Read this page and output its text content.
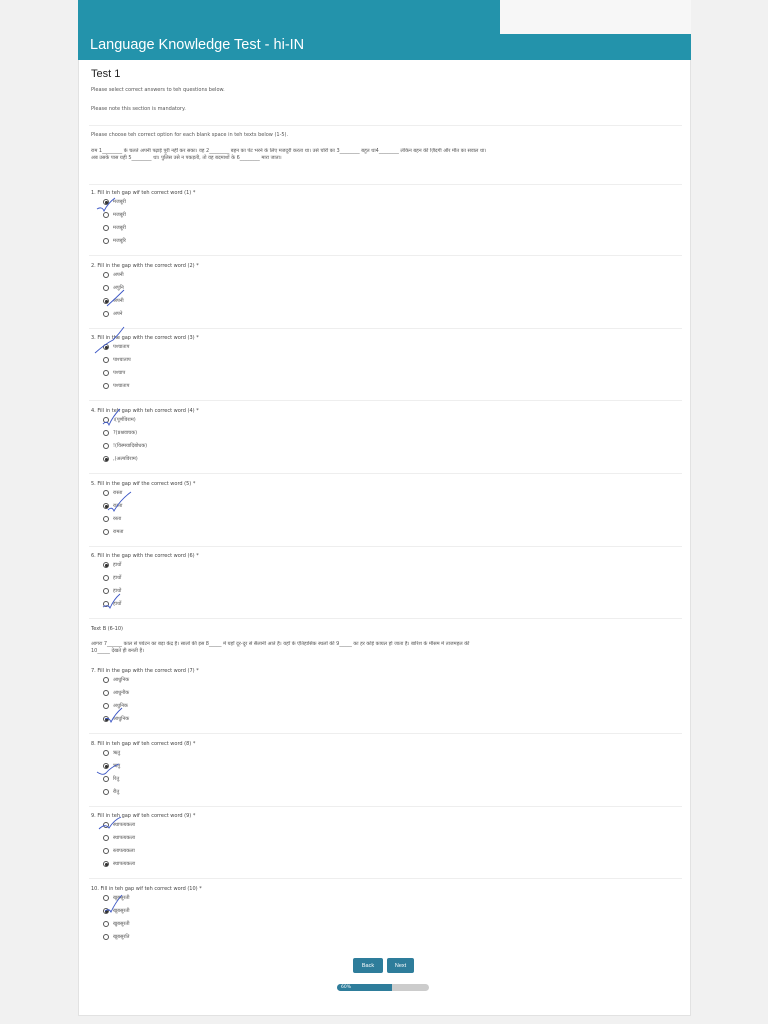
Language Knowledge Test - hi-IN
Test 1
Please select correct answers to teh questions below.
Please note this section is mandatory.
Please choose teh correct option for each blank space in teh texts below (1-5).
राम 1________ के चलते अपनी पढ़ाई पूरी नहीं कर सका। वह 2________ बहन का पेट भरने के लिए मजदूरी करता था। उसे चोरी का 3________ बहुत था4________ लेकिन बहन की ज़िंदगी और मौत का सवाल था।
अब उसके पास यही 5________ था। पुलिस उसे न पकड़ती, तो वह बदमाशों के 6________ मारा जाता।
1. Fill in teh gap wif teh correct word (1) *
मजबूरी
मजबूरी
मजबूरी
मजबूरि
2. Fill in the gap with the correct word (2) *
अपनी
अपुनि
अपनी
अपने
3. Fill in the gap with the correct word (3) *
पश्चाताप
पाश्चाताप
पश्चाप
पश्चाताप
4. Fill in teh gap with teh correct word (4) *
।(पूर्णविराम)
?(प्रश्नवाचक)
!(विस्मयादिबोधक)
,(अल्पविराम)
5. Fill in the gap wif the correct word (5) *
रास्ता
रास्ता
रस्ता
रामता
6. Fill in the gap with the correct word (6) *
हाथों
हाथों
हाथो
हाथों
7. Fill in the gap with the correct word (7) *
आधुनिक
आधुनीक
अधुनिक
आधुनिक
8. Fill in teh gap wif teh correct word (8) *
ऋतु
ऋतु
रितु
रीतु
9. Fill in teh gap wif teh correct word (9) *
स्थापत्यकला
स्थापत्यकला
स्तापत्यकला
स्थापत्यकला
10. Fill in teh gap wif teh correct word (10) *
खूबसूरती
खूबसूरती
खुबसूरती
खूबसूरति
Text B (6-10)
आगरा 7______ काल से पर्यटन का बड़ा केंद्र है। सालों की इस 8_____ में यहाँ दूर-दूर से सैलानी आते हैं। यहाँ के ऐतिहासिक स्थलों की 9_____ का हर कोई कायल हो जाता है। बारिश के मौसम में ताजमहल की
10_____ देखते ही बनती है।
Back	Next
60%
